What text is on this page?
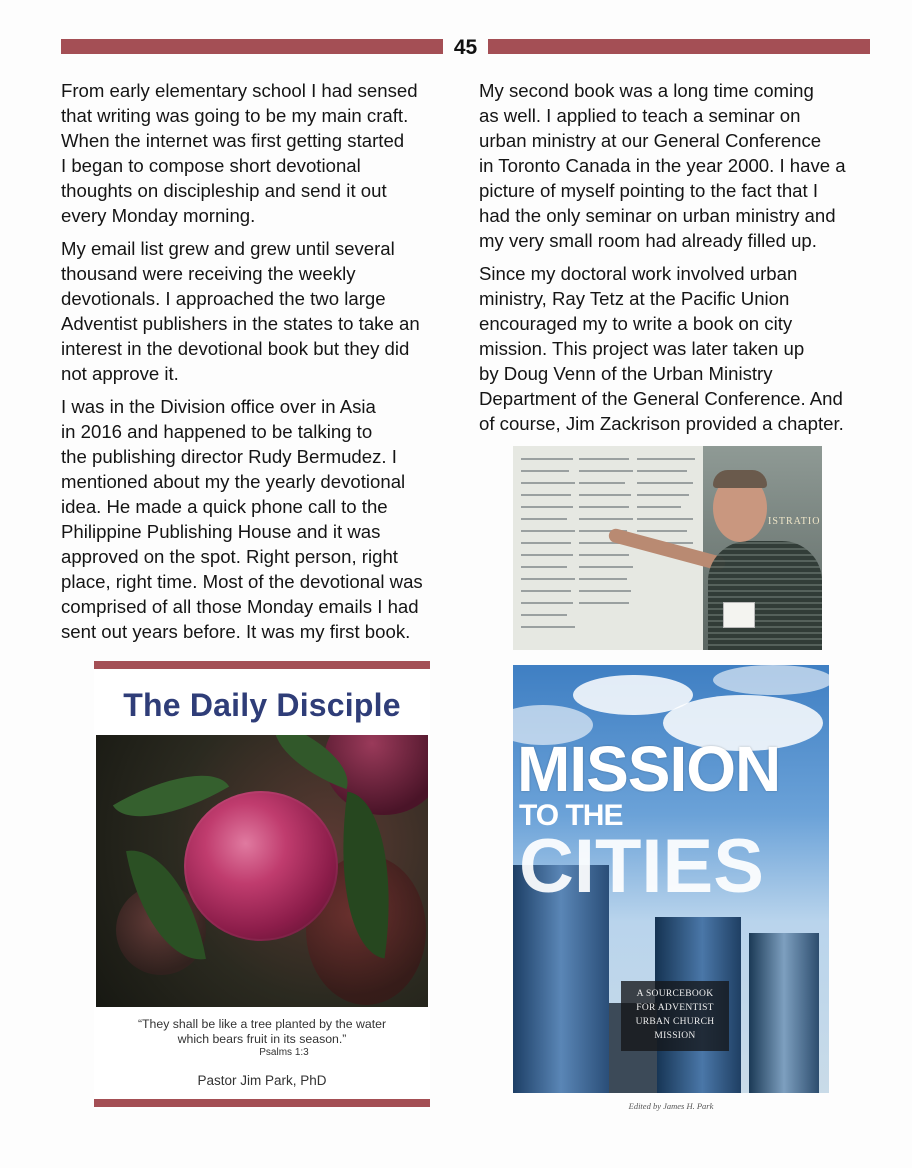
45

From early elementary school I had sensed
that writing was going to be my main craft.
When the internet was first getting started
I began to compose short devotional
thoughts on discipleship and send it out
every Monday morning.

My email list grew and grew until several
thousand were receiving the weekly
devotionals. I approached the two large
Adventist publishers in the states to take an
interest in the devotional book but they did
not approve it.

I was in the Division office over in Asia
in 2016 and happened to be talking to
the publishing director Rudy Bermudez. I
mentioned about my the yearly devotional
idea. He made a quick phone call to the
Philippine Publishing House and it was
approved on the spot. Right person, right
place, right time. Most of the devotional was
comprised of all those Monday emails I had
sent out years before. It was my first book.

My second book was a long time coming
as well. I applied to teach a seminar on
urban ministry at our General Conference
in Toronto Canada in the year 2000. I have a
picture of myself pointing to the fact that I
had the only seminar on urban ministry and
my very small room had already filled up.

Since my doctoral work involved urban
ministry, Ray Tetz at the Pacific Union
encouraged my to write a book on city
mission. This project was later taken up
by Doug Venn of the Urban Ministry
Department of the General Conference. And
of course, Jim Zackrison provided a chapter.

ISTRATIO
The Daily Disciple
“They shall be like a tree planted by the water
which bears fruit in its season.”
Psalms 1:3
Pastor Jim Park, PhD
MISSION
TO THE
CITIES
A SOURCEBOOK
FOR ADVENTIST
URBAN CHURCH
MISSION
Edited by James H. Park
